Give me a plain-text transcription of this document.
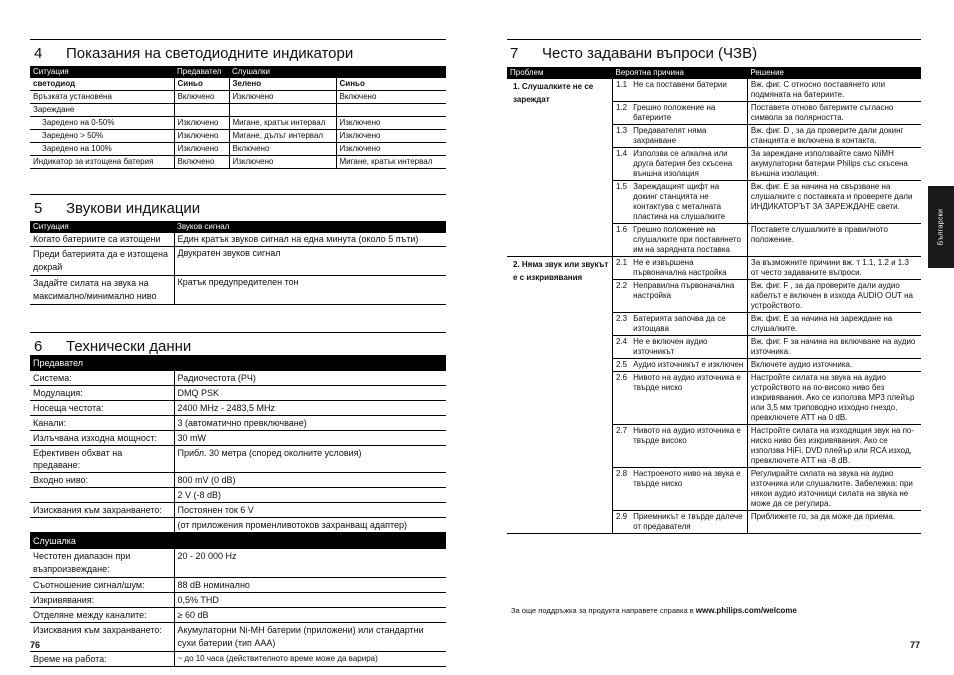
4 Показания на светодиодните индикатори
Ситуация	Предавател	Слушалки	
светодиод	Синьо	Зелено	Синьо
Връзката установена	Включено	Изключено	Включено
Зареждане			
Заредено на 0-50%	Изключено	Мигане, кратък интервал	Изключено
Заредено > 50%	Изключено	Мигане, дълъг интервал	Изключено
Заредено на 100%	Изключено	Включено	Изключено
Индикатор за изтощена батерия	Включено	Изключено	Мигане, кратък интервал
5 Звукови индикации
Ситуация	Звуков сигнал
Когато батериите са изтощени	Един кратък звуков сигнал на една минута (около 5 пъти)
Преди батерията да е изтощена докрай	Двукратен звуков сигнал
Задайте силата на звука на максимално/минимално ниво	Кратък предупредителен тон
6 Технически данни
Предавател	
Система:	Радиочестота (РЧ)
Модулация:	DMQ PSK
Носеща честота:	2400 MHz - 2483,5 MHz
Канали:	3 (автоматично превключване)
Излъчвана изходна мощност:	30 mW
Ефективен обхват на предаване:	Прибл. 30 метра (според околните условия)
Входно ниво:	800 mV (0 dB)
	2 V (-8 dB)
Изисквания към захранването:	Постоянен ток 6 V
	(от приложения променливотоков захранващ адаптер)
Слушалка	
Честотен диапазон при възпроизвеждане:	20 - 20 000 Hz
Съотношение сигнал/шум:	88 dB номинално
Изкривявания:	0,5% THD
Отделяне между каналите:	≥ 60 dB
Изисквания към захранването:	Акумулаторни Ni-MH батерии (приложени) или стандартни сухи батерии (тип AAA)
Време на работа:	~ до 10 часа (действителното време може да варира)
76
7 Често задавани въпроси (ЧЗВ)
Проблем	Вероятна причина		Решение
1. Слушалките не се зареждат	1.1	Не са поставени батерии	Вж. фиг. C относно поставянето или подмяната на батериите.
	1.2	Грешно положение на батериите	Поставете отново батериите съгласно символа за полярността.
	1.3	Предавателят няма захранване	Вж. фиг. D , за да проверите дали докинг станцията е включена в контакта.
	1.4	Използва се алкална или друга батерия без скъсена външна изолация	За зареждане използвайте само NiMH акумулаторни батерии Philips със скъсена външна изолация.
	1.5	Зареждащият щифт на докинг станцията не контактува с металната пластина на слушалките	Вж. фиг. E за начина на свързване на слушалките с поставката и проверете дали ИНДИКАТОРЪТ ЗА ЗАРЕЖДАНЕ свети.
	1.6	Грешно положение на слушалките при поставянето им на зарядната поставка	Поставете слушалките в правилното положение.
2. Няма звук или звукът е с изкривявания	2.1	Не е извършена първоначална настройка	За възможните причини вж. т 1.1, 1.2 и 1.3 от често задаваните въпроси.
	2.2	Неправилна първоначална настройка	Вж. фиг. F , за да проверите дали аудио кабелът е включен в изхода AUDIO OUT на устройството.
	2.3	Батерията започва да се изтощава	Вж. фиг. E за начина на зареждане на слушалките.
	2.4	Не е включен аудио източникът	Вж. фиг. F за начина на включване на аудио източника.
	2.5	Аудио източникът е изключен	Включете аудио източника.
	2.6	Нивото на аудио източника е твърде ниско	Настройте силата на звука на аудио устройството на по-високо ниво без изкривявания. Ако се използва MP3 плейър или 3,5 мм триповодно изходно гнездо, превключете ATT на 0 dB.
	2.7	Нивото на аудио източника е твърде високо	Настройте силата на изходящия звук на по-ниско ниво без изкривявания. Ако се използва HiFi, DVD плейър или RCA изход, превключете ATT на -8 dB.
	2.8	Настроеното ниво на звука е твърде ниско	Регулирайте силата на звука на аудио източника или слушалките. Забележка: при някои аудио източници силата на звука не може да се регулира.
	2.9	Приемникът е твърде далече от предавателя	Приближете го, за да може да приема.
За още поддръжка за продукта направете справка в www.philips.com/welcome
Български
77
